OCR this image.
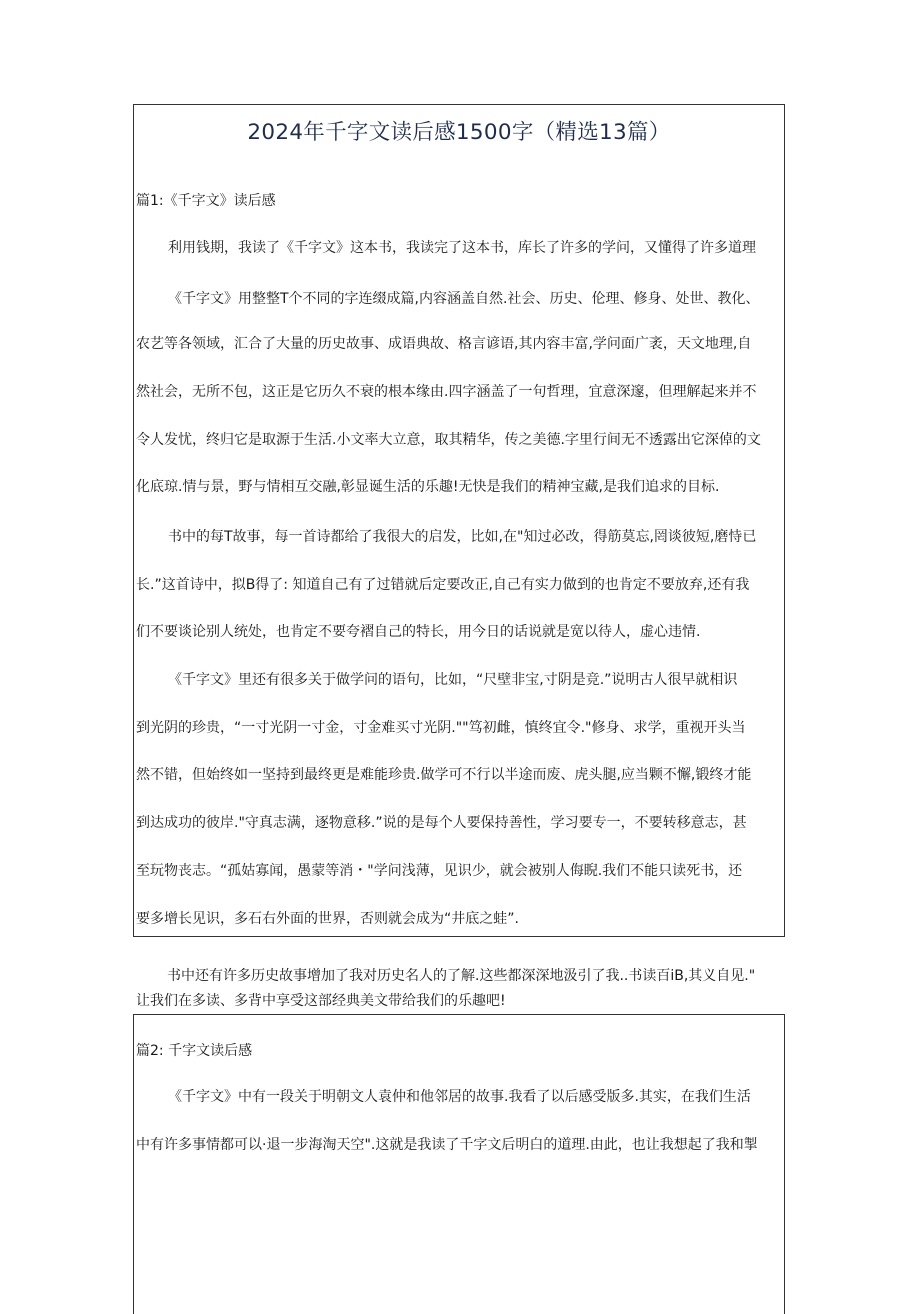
2024年千字文读后感1500字（精选13篇）
篇1:《千字文》读后感
利用钱期，我读了《千字文》这本书，我读完了这本书，库长了许多的学问，又懂得了许多道理
《千字文》用整整T个不同的字连缀成篇,内容涵盖自然.社会、历史、伦理、修身、处世、教化、
农艺等各领域，汇合了大量的历史故事、成语典故、格言谚语,其内容丰富,学问面广袤，天文地理,自
然社会，无所不包，这正是它历久不衰的根本缘由.四字涵盖了一句哲理，宜意深邃，但理解起来并不
令人发忧，终归它是取源于生活.小文率大立意，取其精华，传之美德.字里行间无不透露出它深倬的文
化底琼.情与景，野与情相互交融,彰显诞生活的乐趣!无快是我们的精神宝藏,是我们追求的目标.
书中的每T故事，每一首诗都给了我很大的启发，比如,在"知过必改，得筋莫忘,罔谈彼短,磨恃已
长.”这首诗中，拟B得了: 知道自己有了过错就后定要改正,自己有实力做到的也肯定不要放弃,还有我
们不要谈论别人统处，也肯定不要夸褶自己的特长，用今日的话说就是宽以待人，虚心违情.
《千字文》里还有很多关于做学问的语句，比如，“尺壁非宝,寸阴是竞.”说明古人很早就相识
到光阴的珍贵，“一寸光阴一寸金，寸金难买寸光阴.""笃初雌，慎终宜令."修身、求学，重视开头当
然不错，但始终如一坚持到最终更是难能珍贵.做学可不行以半途而废、虎头腿,应当颗不懈,锻终才能
到达成功的彼岸."守真志满，逐物意移.”说的是每个人要保持善性，学习要专一，不要转移意志，甚
至玩物丧志。“孤姑寡闻，愚蒙等消・"学问浅薄，见识少，就会被别人侮睨.我们不能只读死书，还
要多增长见识，多石右外面的世界，否则就会成为“井底之蛙”.
书中还有许多历史故事增加了我对历史名人的了解.这些都深深地汲引了我..书读百iB,其义自见."
让我们在多读、多背中享受这部经典美文带给我们的乐趣吧!
篇2: 千字文读后感
《千字文》中有一段关于明朝文人袁仲和他邻居的故事.我看了以后感受版多.其实，在我们生活
中有许多事情都可以·退一步海淘天空".这就是我读了千字文后明白的道理.由此，也让我想起了我和掣
